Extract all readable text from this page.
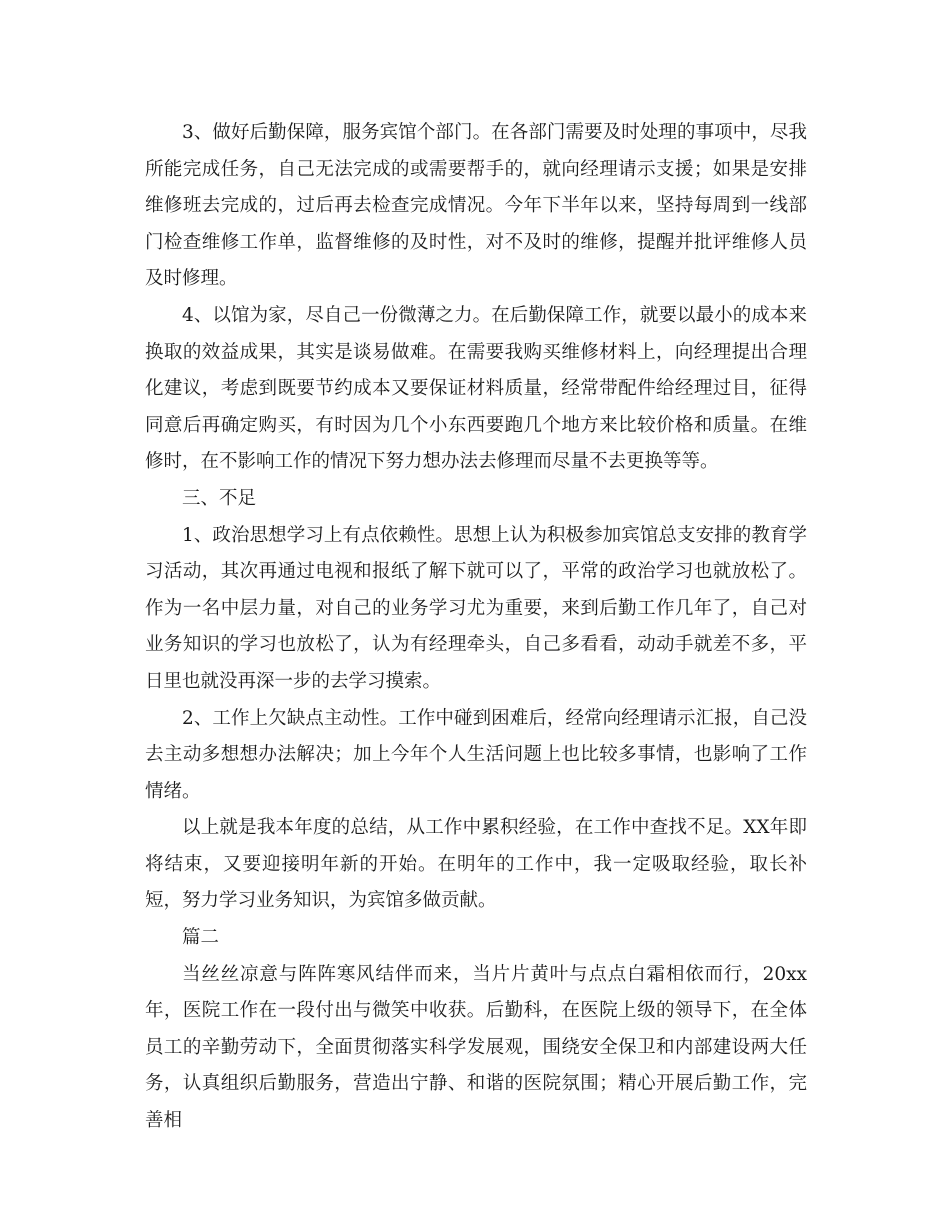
3、做好后勤保障，服务宾馆个部门。在各部门需要及时处理的事项中，尽我所能完成任务，自己无法完成的或需要帮手的，就向经理请示支援；如果是安排维修班去完成的，过后再去检查完成情况。今年下半年以来，坚持每周到一线部门检查维修工作单，监督维修的及时性，对不及时的维修，提醒并批评维修人员及时修理。

4、以馆为家，尽自己一份微薄之力。在后勤保障工作，就要以最小的成本来换取的效益成果，其实是谈易做难。在需要我购买维修材料上，向经理提出合理化建议，考虑到既要节约成本又要保证材料质量，经常带配件给经理过目，征得同意后再确定购买，有时因为几个小东西要跑几个地方来比较价格和质量。在维修时，在不影响工作的情况下努力想办法去修理而尽量不去更换等等。

三、不足

1、政治思想学习上有点依赖性。思想上认为积极参加宾馆总支安排的教育学习活动，其次再通过电视和报纸了解下就可以了，平常的政治学习也就放松了。作为一名中层力量，对自己的业务学习尤为重要，来到后勤工作几年了，自己对业务知识的学习也放松了，认为有经理牵头，自己多看看，动动手就差不多，平日里也就没再深一步的去学习摸索。

2、工作上欠缺点主动性。工作中碰到困难后，经常向经理请示汇报，自己没去主动多想想办法解决；加上今年个人生活问题上也比较多事情，也影响了工作情绪。

以上就是我本年度的总结，从工作中累积经验，在工作中查找不足。XX年即将结束，又要迎接明年新的开始。在明年的工作中，我一定吸取经验，取长补短，努力学习业务知识，为宾馆多做贡献。

篇二

当丝丝凉意与阵阵寒风结伴而来，当片片黄叶与点点白霜相依而行，20xx年，医院工作在一段付出与微笑中收获。后勤科，在医院上级的领导下，在全体员工的辛勤劳动下，全面贯彻落实科学发展观，围绕安全保卫和内部建设两大任务，认真组织后勤服务，营造出宁静、和谐的医院氛围；精心开展后勤工作，完善相
